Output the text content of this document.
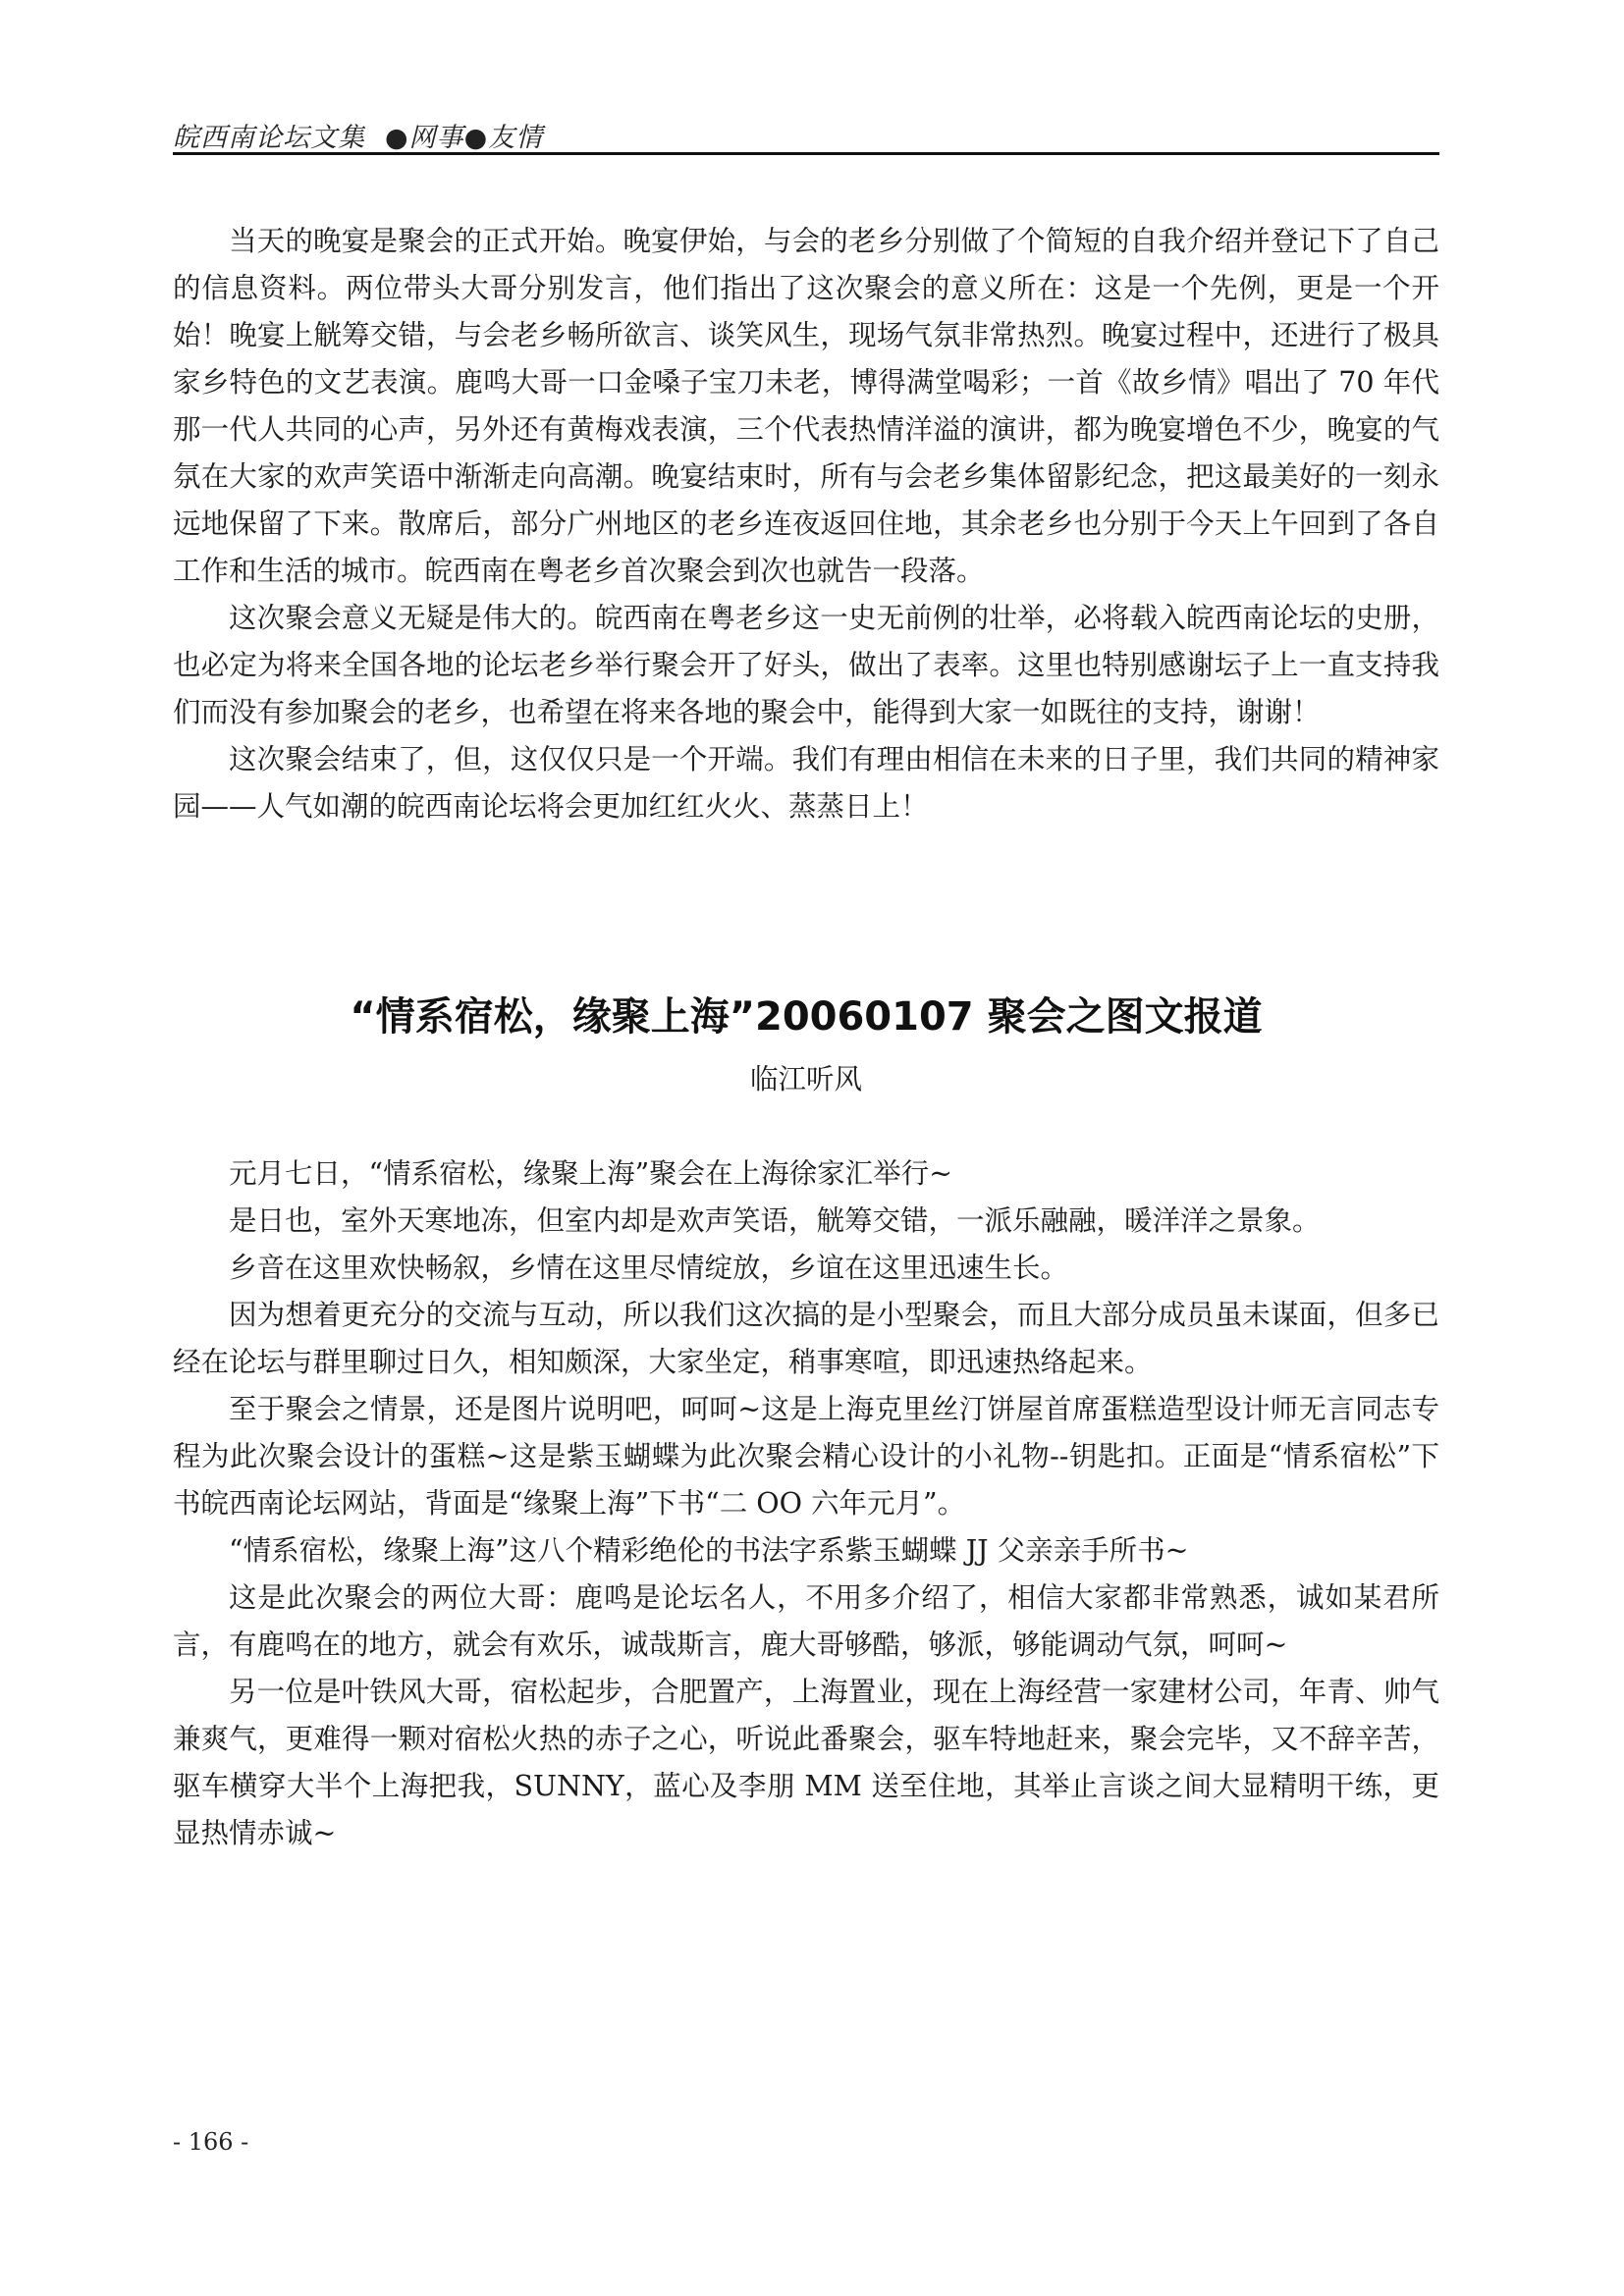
皖西南论坛文集 ●网事●友情

当天的晚宴是聚会的正式开始。晚宴伊始，与会的老乡分别做了个简短的自我介绍并登记下了自己的信息资料。两位带头大哥分别发言，他们指出了这次聚会的意义所在：这是一个先例，更是一个开始！晚宴上觥筹交错，与会老乡畅所欲言、谈笑风生，现场气氛非常热烈。晚宴过程中，还进行了极具家乡特色的文艺表演。鹿鸣大哥一口金嗓子宝刀未老，博得满堂喝彩；一首《故乡情》唱出了 70 年代那一代人共同的心声，另外还有黄梅戏表演，三个代表热情洋溢的演讲，都为晚宴增色不少，晚宴的气氛在大家的欢声笑语中渐渐走向高潮。晚宴结束时，所有与会老乡集体留影纪念，把这最美好的一刻永远地保留了下来。散席后，部分广州地区的老乡连夜返回住地，其余老乡也分别于今天上午回到了各自工作和生活的城市。皖西南在粤老乡首次聚会到次也就告一段落。

这次聚会意义无疑是伟大的。皖西南在粤老乡这一史无前例的壮举，必将载入皖西南论坛的史册，也必定为将来全国各地的论坛老乡举行聚会开了好头，做出了表率。这里也特别感谢坛子上一直支持我们而没有参加聚会的老乡，也希望在将来各地的聚会中，能得到大家一如既往的支持，谢谢！

这次聚会结束了，但，这仅仅只是一个开端。我们有理由相信在未来的日子里，我们共同的精神家园——人气如潮的皖西南论坛将会更加红红火火、蒸蒸日上！

“情系宿松，缘聚上海”20060107 聚会之图文报道
临江听风

元月七日，“情系宿松，缘聚上海”聚会在上海徐家汇举行~

是日也，室外天寒地冻，但室内却是欢声笑语，觥筹交错，一派乐融融，暖洋洋之景象。

乡音在这里欢快畅叙，乡情在这里尽情绽放，乡谊在这里迅速生长。

因为想着更充分的交流与互动，所以我们这次搞的是小型聚会，而且大部分成员虽未谋面，但多已经在论坛与群里聊过日久，相知颇深，大家坐定，稍事寒喧，即迅速热络起来。

至于聚会之情景，还是图片说明吧，呵呵~这是上海克里丝汀饼屋首席蛋糕造型设计师无言同志专程为此次聚会设计的蛋糕~这是紫玉蝴蝶为此次聚会精心设计的小礼物--钥匙扣。正面是“情系宿松”下书皖西南论坛网站，背面是“缘聚上海”下书“二 OO 六年元月”。

“情系宿松，缘聚上海”这八个精彩绝伦的书法字系紫玉蝴蝶 JJ 父亲亲手所书~

这是此次聚会的两位大哥：鹿鸣是论坛名人，不用多介绍了，相信大家都非常熟悉，诚如某君所言，有鹿鸣在的地方，就会有欢乐，诚哉斯言，鹿大哥够酷，够派，够能调动气氛，呵呵~

另一位是叶铁风大哥，宿松起步，合肥置产，上海置业，现在上海经营一家建材公司，年青、帅气兼爽气，更难得一颗对宿松火热的赤子之心，听说此番聚会，驱车特地赶来，聚会完毕，又不辞辛苦，驱车横穿大半个上海把我，SUNNY，蓝心及李朋 MM 送至住地，其举止言谈之间大显精明干练，更显热情赤诚~

- 166 -
